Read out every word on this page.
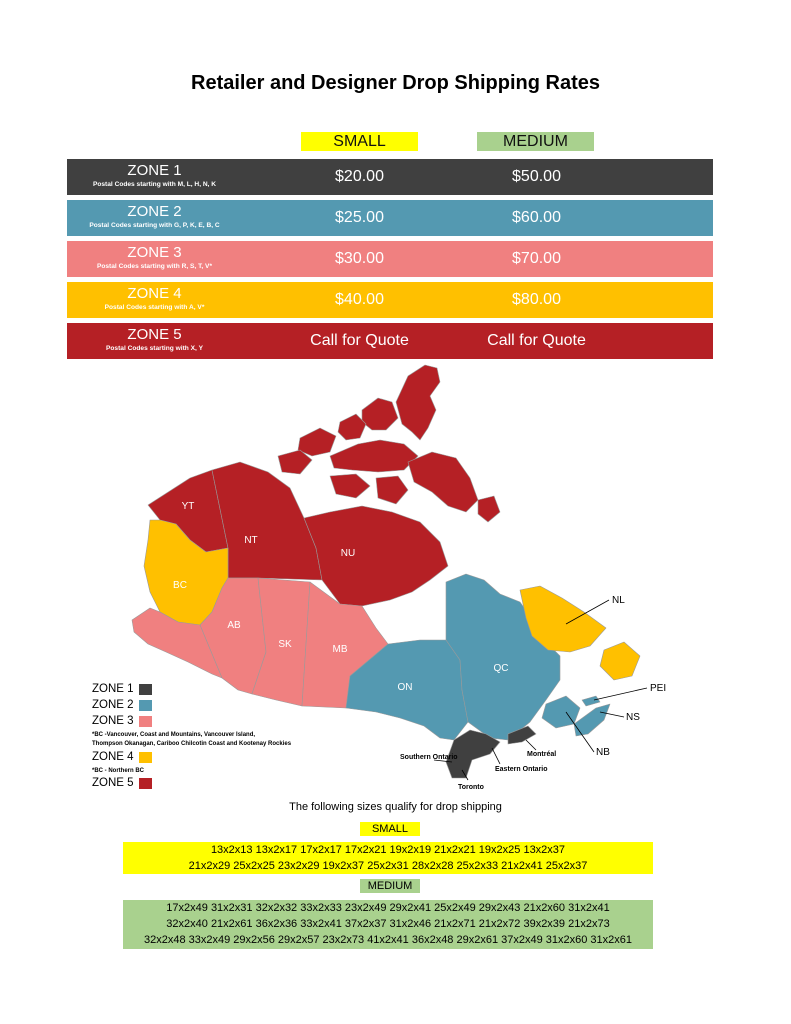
Retailer and Designer Drop Shipping Rates
SMALL	MEDIUM
ZONE 1
Postal Codes starting with M, L, H, N, K	$20.00	$50.00
ZONE 2
Postal Codes starting with G, P, K, E, B, C	$25.00	$60.00
ZONE 3
Postal Codes starting with R, S, T, V*	$30.00	$70.00
ZONE 4
Postal Codes starting with A, V*	$40.00	$80.00
ZONE 5
Postal Codes starting with X, Y	Call for Quote	Call for Quote
YT
NT
NU
BC
AB
SK	MB
ON
QC
NL
PEI
NS
NB
Southern Ontario
Toronto
Eastern Ontario
Montréal
ZONE 1
ZONE 2
ZONE 3
*BC -Vancouver, Coast and Mountains, Vancouver Island,
Thompson Okanagan, Cariboo Chilcotin Coast and Kootenay Rockies
ZONE 4
*BC - Northern BC
ZONE 5
The following sizes qualify for drop shipping
SMALL
13x2x13 13x2x17 17x2x17 17x2x21 19x2x19 21x2x21 19x2x25 13x2x37
21x2x29 25x2x25 23x2x29 19x2x37 25x2x31 28x2x28 25x2x33 21x2x41 25x2x37
MEDIUM
17x2x49 31x2x31 32x2x32 33x2x33 23x2x49 29x2x41 25x2x49 29x2x43 21x2x60 31x2x41
32x2x40 21x2x61 36x2x36 33x2x41 37x2x37 31x2x46 21x2x71 21x2x72 39x2x39 21x2x73
32x2x48 33x2x49 29x2x56 29x2x57 23x2x73 41x2x41 36x2x48 29x2x61 37x2x49 31x2x60 31x2x61
